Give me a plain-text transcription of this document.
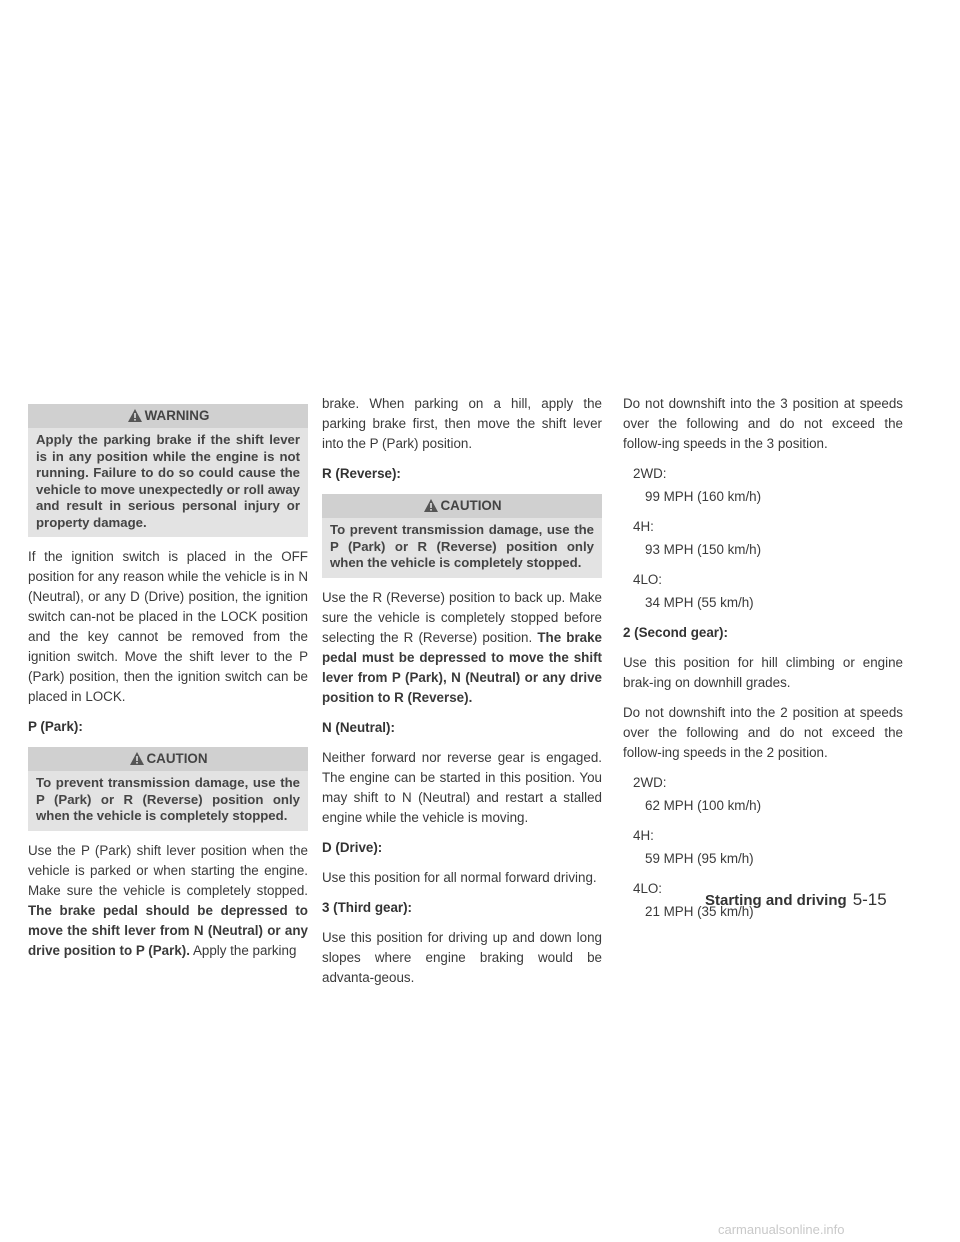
WARNING
Apply the parking brake if the shift lever is in any position while the engine is not running. Failure to do so could cause the vehicle to move unexpectedly or roll away and result in serious personal injury or property damage.

If the ignition switch is placed in the OFF position for any reason while the vehicle is in N (Neutral), or any D (Drive) position, the ignition switch can-not be placed in the LOCK position and the key cannot be removed from the ignition switch. Move the shift lever to the P (Park) position, then the ignition switch can be placed in LOCK.

P (Park):
CAUTION
To prevent transmission damage, use the P (Park) or R (Reverse) position only when the vehicle is completely stopped.

Use the P (Park) shift lever position when the vehicle is parked or when starting the engine. Make sure the vehicle is completely stopped. The brake pedal should be depressed to move the shift lever from N (Neutral) or any drive position to P (Park). Apply the parking

brake. When parking on a hill, apply the parking brake first, then move the shift lever into the P (Park) position.

R (Reverse):
CAUTION
To prevent transmission damage, use the P (Park) or R (Reverse) position only when the vehicle is completely stopped.

Use the R (Reverse) position to back up. Make sure the vehicle is completely stopped before selecting the R (Reverse) position. The brake pedal must be depressed to move the shift lever from P (Park), N (Neutral) or any drive position to R (Reverse).

N (Neutral):

Neither forward nor reverse gear is engaged. The engine can be started in this position. You may shift to N (Neutral) and restart a stalled engine while the vehicle is moving.

D (Drive):

Use this position for all normal forward driving.

3 (Third gear):

Use this position for driving up and down long slopes where engine braking would be advanta-geous.

Do not downshift into the 3 position at speeds over the following and do not exceed the follow-ing speeds in the 3 position.

2WD:
99 MPH (160 km/h)
4H:
93 MPH (150 km/h)
4LO:
34 MPH (55 km/h)
2 (Second gear):

Use this position for hill climbing or engine brak-ing on downhill grades.

Do not downshift into the 2 position at speeds over the following and do not exceed the follow-ing speeds in the 2 position.

2WD:
62 MPH (100 km/h)
4H:
59 MPH (95 km/h)
4LO:
21 MPH (35 km/h)
Starting and driving 5-15
carmanualsonline.info
